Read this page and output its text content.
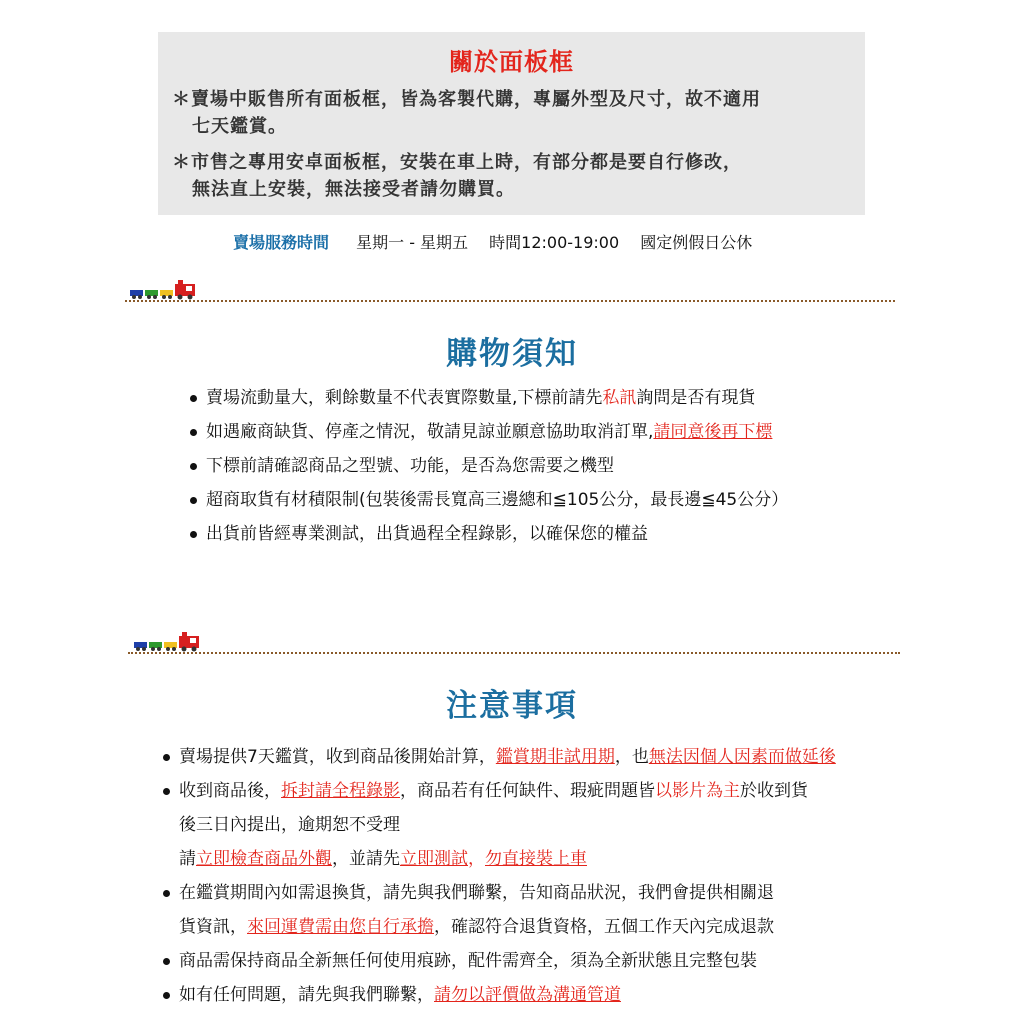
關於面板框
＊賣場中販售所有面板框，皆為客製代購，專屬外型及尺寸，故不適用
七天鑑賞。
＊市售之專用安卓面板框，安裝在車上時，有部分都是要自行修改，
無法直上安裝，無法接受者請勿購買。
賣場服務時間 星期一 - 星期五 時間12:00-19:00 國定例假日公休
購物須知
賣場流動量大，剩餘數量不代表實際數量,下標前請先私訊詢問是否有現貨
如遇廠商缺貨、停產之情況，敬請見諒並願意協助取消訂單,請同意後再下標
下標前請確認商品之型號、功能，是否為您需要之機型
超商取貨有材積限制(包裝後需長寬高三邊總和≦105公分，最長邊≦45公分）
出貨前皆經專業測試，出貨過程全程錄影，以確保您的權益
注意事項
賣場提供7天鑑賞，收到商品後開始計算，鑑賞期非試用期，也無法因個人因素而做延後
收到商品後，拆封請全程錄影，商品若有任何缺件、瑕疵問題皆以影片為主於收到貨
後三日內提出，逾期恕不受理
請立即檢查商品外觀，並請先立即測試，勿直接裝上車
在鑑賞期間內如需退換貨，請先與我們聯繫，告知商品狀況，我們會提供相關退
貨資訊，來回運費需由您自行承擔，確認符合退貨資格，五個工作天內完成退款
商品需保持商品全新無任何使用痕跡，配件需齊全，須為全新狀態且完整包裝
如有任何問題，請先與我們聯繫，請勿以評價做為溝通管道
